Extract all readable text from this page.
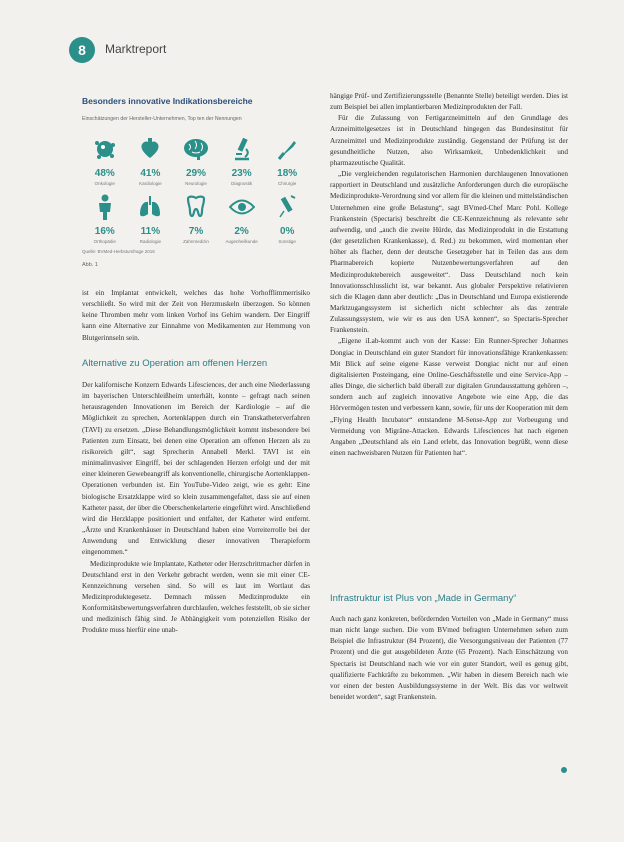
8	Marktreport
Besonders innovative Indikationsbereiche
Einschätzungen der Hersteller-Unternehmen, Top ten der Nennungen
48%
Onkologie
41%
Kardiologie
29%
Neurologie
23%
Diagnostik
18%
Chirurgie
16%
Orthopädie
11%
Radiologie
7%
Zahnmedizin
2%
Augenheilkunde
0%
Sonstige
Quelle: BVMed-Herbstumfrage 2016
Abb. 1

ist ein Implantat entwickelt, welches das hohe Vorhofflimmerrisiko verschließt. So wird mit der Zeit von Herzmuskeln überzogen. So können keine Thromben mehr vom linken Vorhof ins Gehirn wandern. Der Eingriff kann eine Alternative zur Einnahme von Medikamenten zur Hemmung von Blutgerinnseln sein.

Alternative zu Operation am offenen Herzen

Der kalifornische Konzern Edwards Lifesciences, der auch eine Niederlassung im bayerischen Unterschleißheim unterhält, konnte – gefragt nach seinen herausragenden Innovationen im Bereich der Kardiologie – auf die Möglichkeit zu sprechen, Aortenklappen durch ein Transkatheterverfahren (TAVI) zu ersetzen. „Diese Behandlungsmöglichkeit kommt insbesondere bei Patienten zum Einsatz, bei denen eine Operation am offenen Herzen als zu risikoreich gilt“, sagt Sprecherin Annabell Merkl. TAVI ist ein minimalinvasiver Eingriff, bei der schlagenden Herzen erfolgt und der mit einer kleineren Gewebeangriff als konventionelle, chirurgische Aortenklappen-Operationen verbunden ist. Ein YouTube-Video zeigt, wie es geht: Eine biologische Ersatzklappe wird so klein zusammengefaltet, dass sie auf einen Katheter passt, der über die Oberschenkelarterie eingeführt wird. Anschließend wird die Herzklappe positioniert und entfaltet, der Katheter wird entfernt. „Ärzte und Krankenhäuser in Deutschland haben eine Vorreiterrolle bei der Anwendung und Entwicklung dieser innovativen Therapieform eingenommen.“

Medizinprodukte wie Implantate, Katheter oder Herzschrittmacher dürfen in Deutschland erst in den Verkehr gebracht werden, wenn sie mit einer CE-Kennzeichnung versehen sind. So will es laut im Wortlaut das Medizinproduktegesetz. Demnach müssen Medizinprodukte ein Konformitätsbewertungsverfahren durchlaufen, welches feststellt, ob sie sicher und medizinisch fähig sind. Je Abhängigkeit vom potenziellen Risiko der Produkte muss hierfür eine unab-

hängige Prüf- und Zertifizierungsstelle (Benannte Stelle) beteiligt werden. Dies ist zum Beispiel bei allen implantierbaren Medizinprodukten der Fall.

Für die Zulassung von Fertigarzneimitteln auf den Grundlage des Arzneimittelgesetzes ist in Deutschland hingegen das Bundesinstitut für Arzneimittel und Medizinprodukte zuständig. Gegenstand der Prüfung ist der gesundheitliche Nutzen, also Wirksamkeit, Unbedenklichkeit und pharmazeutische Qualität.

„Die vergleichenden regulatorischen Harmonien durchlaugenen Innovationen rapportiert in Deutschland und zusätzliche Anforderungen durch die europäische Medizinprodukte-Verordnung sind vor allem für die kleinen und mittelständischen Unternehmen eine große Belastung“, sagt BVmed-Chef Marc Pohl. Kollege Frankenstein (Spectaris) beschreibt die CE-Kennzeichnung als relevante sehr aufwendig, und „auch die zweite Hürde, das Medizinprodukt in die Erstattung (der gesetzlichen Krankenkasse), d. Red.) zu bekommen, wird momentan eher höher als flacher, denn der deutsche Gesetzgeber hat in Teilen das aus dem Pharmabereich kopierte Nutzenbewertungsverfahren auf den Medizinproduktebereich ausgeweitet“. Dass Deutschland noch kein Innovationsschlusslicht ist, war bekannt. Aus globaler Perspektive relativieren sich die Klagen dann aber deutlich: „Das in Deutschland und Europa existierende Marktzugangssystem ist sicherlich nicht schlechter als das zentrale Zulassungssystem, wie wir es aus den USA kennen“, so Spectaris-Sprecher Frankenstein.

„Eigene iLab-kommt auch von der Kasse: Ein Runner-Sprecher Johannes Dongiac in Deutschland ein guter Standort für innovationsfähige Krankenkassen: Mit Blick auf seine eigene Kasse verweist Dongiac nicht nur auf einen digitalisierten Posteingang, eine Online-Geschäftsstelle und eine Service-App – alles Dinge, die sicherlich bald überall zur digitalen Grundausstattung gehören –, sondern auch auf zugleich innovative Angebote wie eine App, die das Hörvermögen testen und verbessern kann, sowie, für uns der Kooperation mit dem „Flying Health Incubator“ entstandene M-Sense-App zur Vorbeugung und Vermeidung von Migräne-Attacken. Edwards Lifesciences hat nach eigenen Angaben „Deutschland als ein Land erlebt, das Innovation begrüßt, wenn diese einen nachweisbaren Nutzen für Patienten hat“.

Infrastruktur ist Plus von „Made in Germany“

Auch nach ganz konkreten, befördernden Vorteilen von „Made in Germany“ muss man nicht lange suchen. Die vom BVmed befragten Unternehmen sehen zum Beispiel die Infrastruktur (84 Prozent), die Versorgungsniveau der Patienten (77 Prozent) und die gut ausgebildeten Ärzte (65 Prozent). Nach Einschätzung von Spectaris ist Deutschland nach wie vor ein guter Standort, weil es genug gibt, qualifizierte Fachkräfte zu bekommen. „Wir haben in diesem Bereich nach wie vor einen der besten Ausbildungssysteme in der Welt. Bis das vor weltweit beneidet worden“, sagt Frankenstein.
